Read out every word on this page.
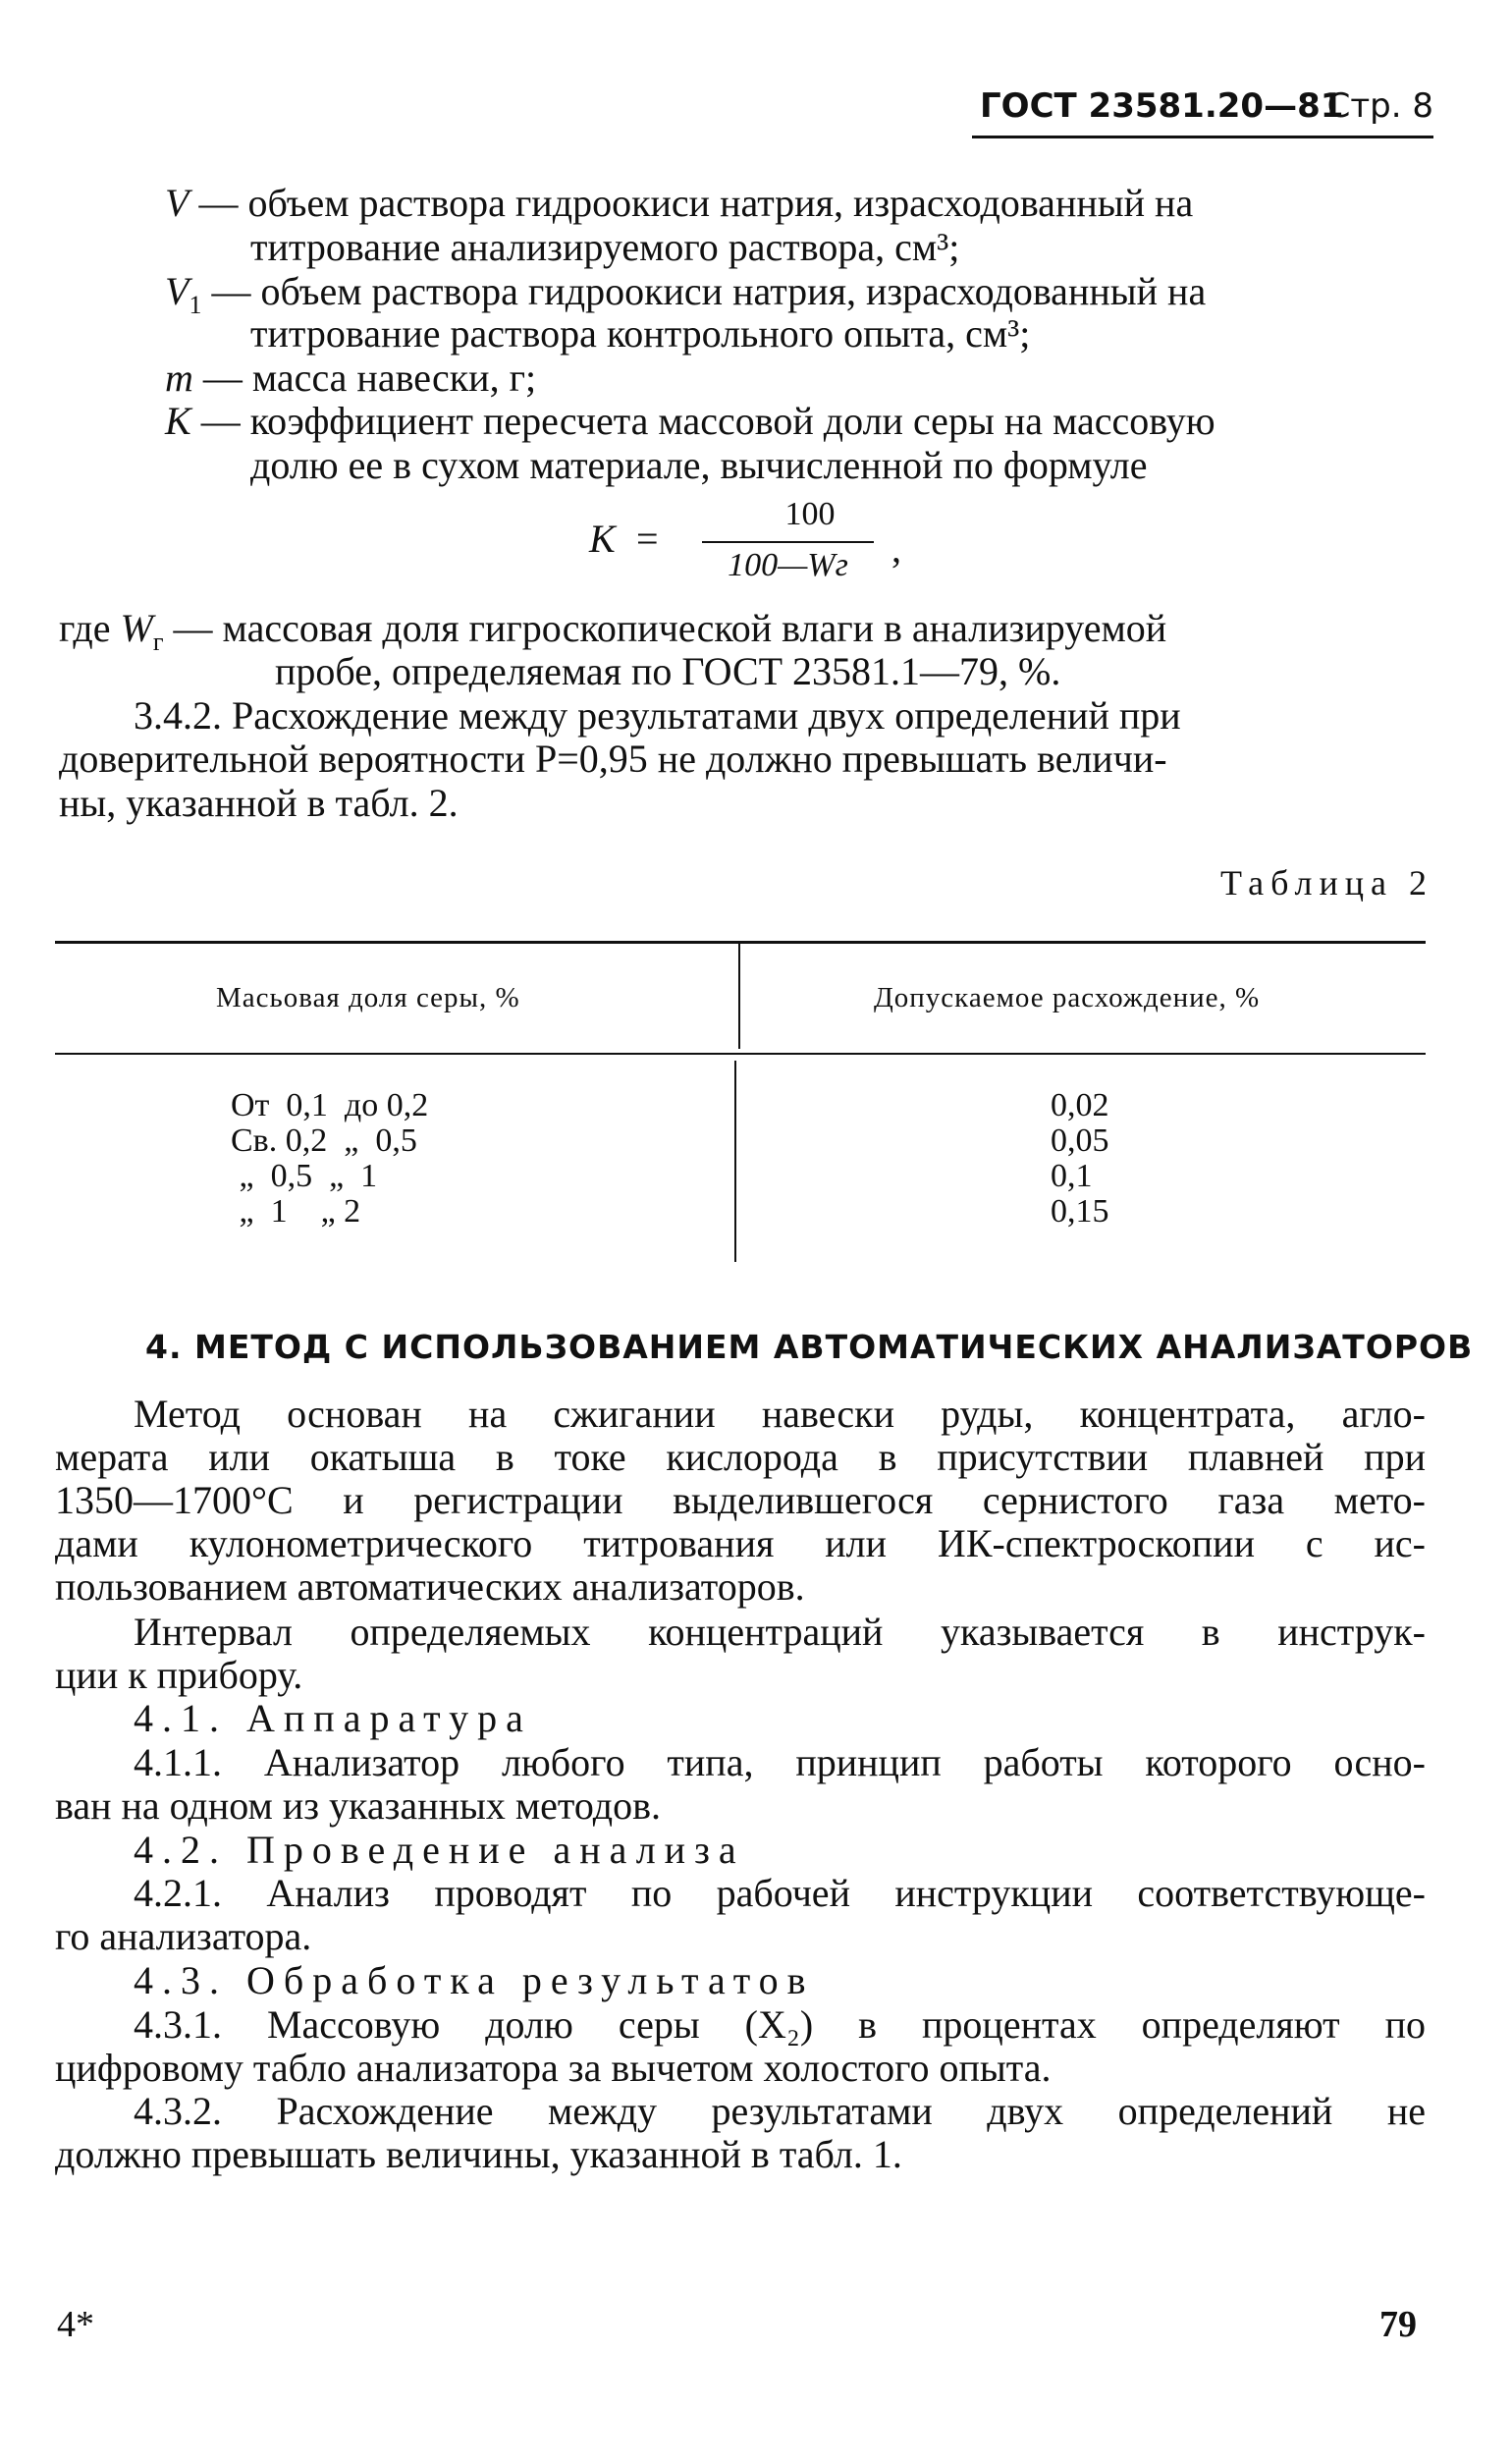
ГОСТ 23581.20—81
Стр. 8
V — объем раствора гидроокиси натрия, израсходованный на
титрование анализируемого раствора, см³;
$V_1$ — объем раствора гидроокиси натрия, израсходованный на
титрование раствора контрольного опыта, см³;
m — масса навески, г;
K — коэффициент пересчета массовой доли серы на массовую
долю ее в сухом материале, вычисленной по формуле
K =
100
100—Wг	,
где $W_г$ — массовая доля гигроскопической влаги в анализируемой
пробе, определяемая по ГОСТ 23581.1—79, %.
3.4.2. Расхождение между результатами двух определений при
доверительной вероятности P=0,95 не должно превышать величи-
ны, указанной в табл. 2.
Таблица 2
Масьовая доля серы, %	Допускаемое расхождение, %
От  0,1  до 0,2	0,02
Св. 0,2  „  0,5	0,05
„  0,5  „  1	0,1
„  1    „ 2	0,15
4. МЕТОД С ИСПОЛЬЗОВАНИЕМ АВТОМАТИЧЕСКИХ АНАЛИЗАТОРОВ
Метод основан на сжигании навески руды, концентрата, агло-
мерата или окатыша в токе кислорода в присутствии плавней при
1350—1700°С и регистрации выделившегося сернистого газа мето-
дами кулонометрического титрования или ИК-спектроскопии с ис-
пользованием автоматических анализаторов.
Интервал определяемых концентраций указывается в инструк-
ции к прибору.
4.1. Аппаратура
4.1.1. Анализатор любого типа, принцип работы которого осно-
ван на одном из указанных методов.
4.2. Проведение анализа
4.2.1. Анализ проводят по рабочей инструкции соответствующе-
го анализатора.
4.3. Обработка результатов
4.3.1. Массовую долю серы (X₂) в процентах определяют по
цифровому табло анализатора за вычетом холостого опыта.
4.3.2. Расхождение между результатами двух определений не
должно превышать величины, указанной в табл. 1.
4*	79
